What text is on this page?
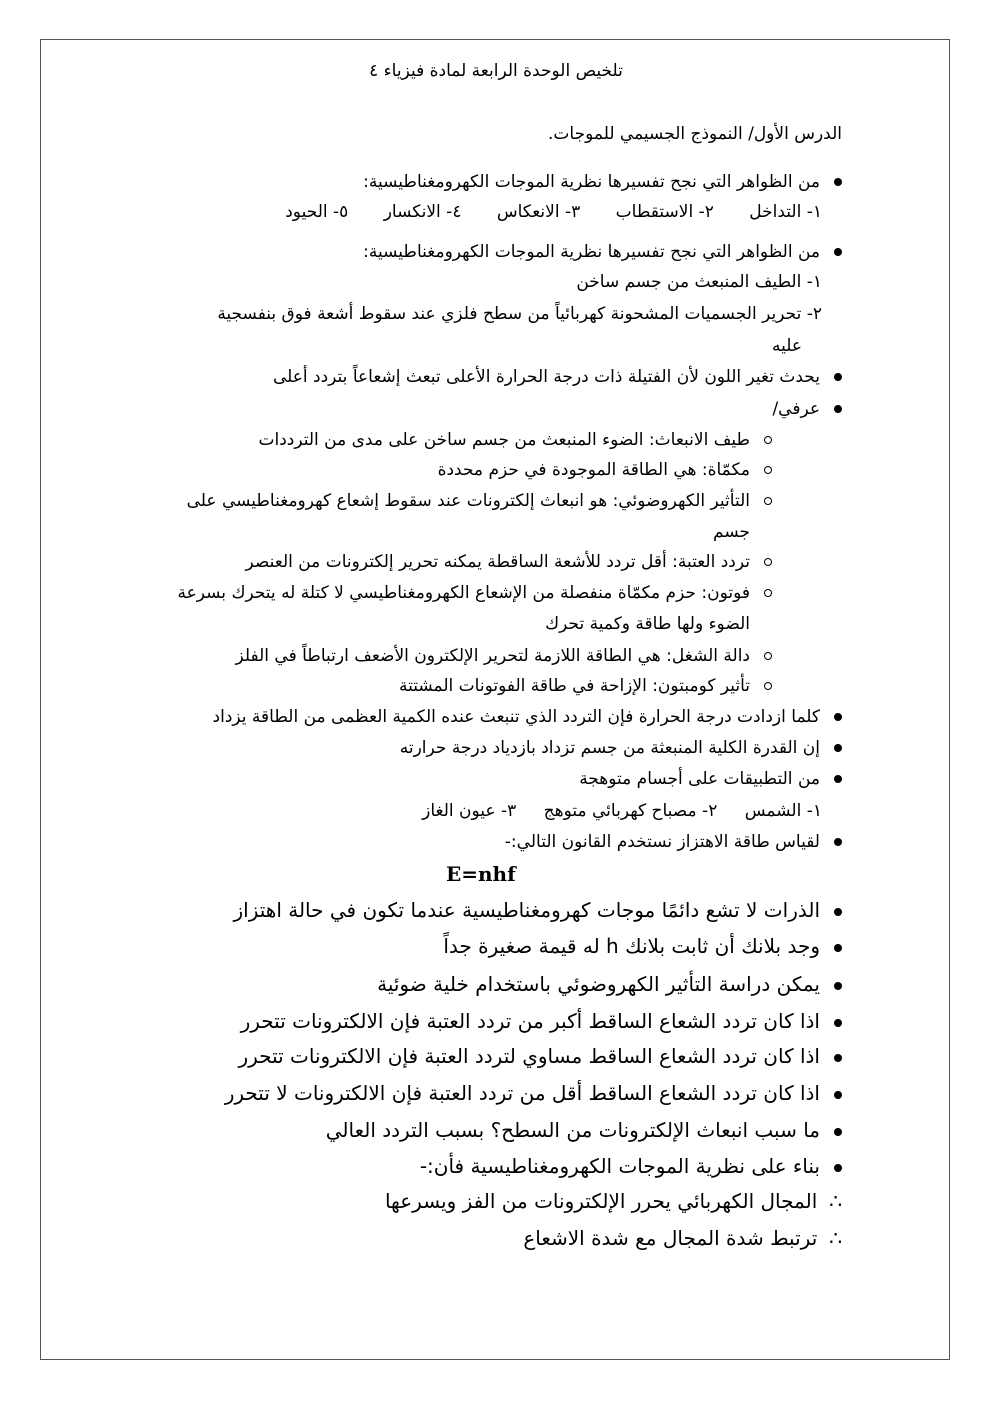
تلخيص الوحدة الرابعة لمادة فيزياء ٤
الدرس الأول/ النموذج الجسيمي للموجات.
من الظواهر التي نجح تفسيرها نظرية الموجات الكهرومغناطيسية:
١- التداخل ٢- الاستقطاب ٣- الانعكاس ٤- الانكسار ٥- الحيود
من الظواهر التي نجح تفسيرها نظرية الموجات الكهرومغناطيسية:
١- الطيف المنبعث من جسم ساخن
٢- تحرير الجسميات المشحونة كهربائياً من سطح فلزي عند سقوط أشعة فوق بنفسجية
عليه
يحدث تغير اللون لأن الفتيلة ذات درجة الحرارة الأعلى تبعث إشعاعاً بتردد أعلى
عرفي/
طيف الانبعاث: الضوء المنبعث من جسم ساخن على مدى من الترددات
مكمّاة: هي الطاقة الموجودة في حزم محددة
التأثير الكهروضوئي: هو انبعاث إلكترونات عند سقوط إشعاع كهرومغناطيسي على
جسم
تردد العتبة: أقل تردد للأشعة الساقطة يمكنه تحرير إلكترونات من العنصر
فوتون: حزم مكمّاة منفصلة من الإشعاع الكهرومغناطيسي لا كتلة له يتحرك بسرعة
الضوء ولها طاقة وكمية تحرك
دالة الشغل: هي الطاقة اللازمة لتحرير الإلكترون الأضعف ارتباطاً في الفلز
تأثير كومبتون: الإزاحة في طاقة الفوتونات المشتتة
كلما ازدادت درجة الحرارة فإن التردد الذي تنبعث عنده الكمية العظمى من الطاقة يزداد
إن القدرة الكلية المنبعثة من جسم تزداد بازدياد درجة حرارته
من التطبيقات على أجسام متوهجة
١- الشمس ٢- مصباح كهربائي متوهج ٣- عيون الغاز
لقياس طاقة الاهتزاز نستخدم القانون التالي:-
E=nhf
الذرات لا تشع دائمًا موجات كهرومغناطيسية عندما تكون في حالة اهتزاز
وجد بلانك أن ثابت بلانك h له قيمة صغيرة جداً
يمكن دراسة التأثير الكهروضوئي باستخدام خلية ضوئية
اذا كان تردد الشعاع الساقط أكبر من تردد العتبة فإن الالكترونات تتحرر
اذا كان تردد الشعاع الساقط مساوي لتردد العتبة فإن الالكترونات تتحرر
اذا كان تردد الشعاع الساقط أقل من تردد العتبة فإن الالكترونات لا تتحرر
ما سبب انبعاث الإلكترونات من السطح؟ بسبب التردد العالي
بناء على نظرية الموجات الكهرومغناطيسية فأن:-
∴المجال الكهربائي يحرر الإلكترونات من الفز ويسرعها
∴ترتبط شدة المجال مع شدة الاشعاع
